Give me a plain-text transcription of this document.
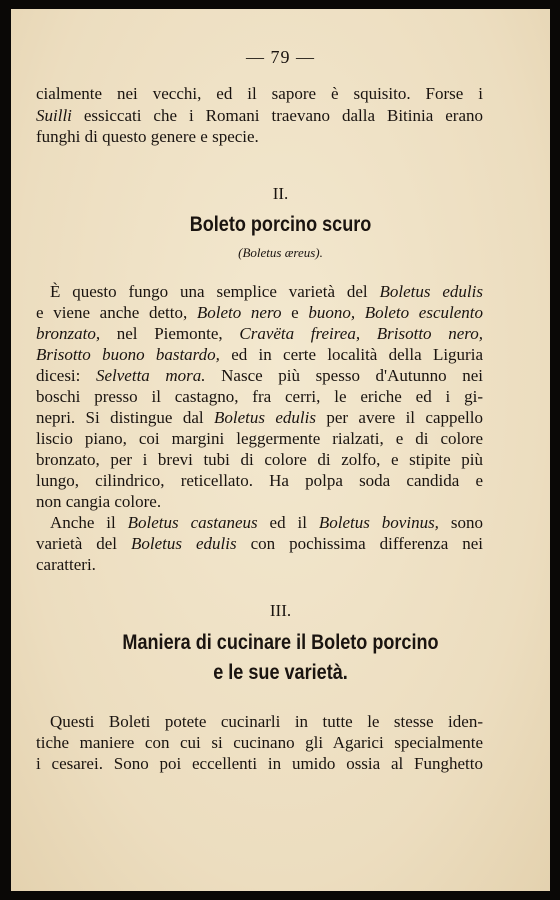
— 79 —
cialmente nei vecchi, ed il sapore è squisito. Forse i
Suilli essiccati che i Romani traevano dalla Bitinia erano
funghi di questo genere e specie.
II.
Boleto porcino scuro
(Boletus æreus).
È questo fungo una semplice varietà del Boletus edulis
e viene anche detto, Boleto nero e buono, Boleto esculento
bronzato, nel Piemonte, Cravëta freirea, Brisotto nero,
Brisotto buono bastardo, ed in certe località della Liguria
dicesi: Selvetta mora. Nasce più spesso d'Autunno nei
boschi presso il castagno, fra cerri, le eriche ed i gi-
nepri. Si distingue dal Boletus edulis per avere il cappello
liscio piano, coi margini leggermente rialzati, e di colore
bronzato, per i brevi tubi di colore di zolfo, e stipite più
lungo, cilindrico, reticellato. Ha polpa soda candida e
non cangia colore.
Anche il Boletus castaneus ed il Boletus bovinus, sono
varietà del Boletus edulis con pochissima differenza nei
caratteri.
III.
Maniera di cucinare il Boleto porcino
e le sue varietà.
Questi Boleti potete cucinarli in tutte le stesse iden-
tiche maniere con cui si cucinano gli Agarici specialmente
i cesarei. Sono poi eccellenti in umido ossia al Funghetto
